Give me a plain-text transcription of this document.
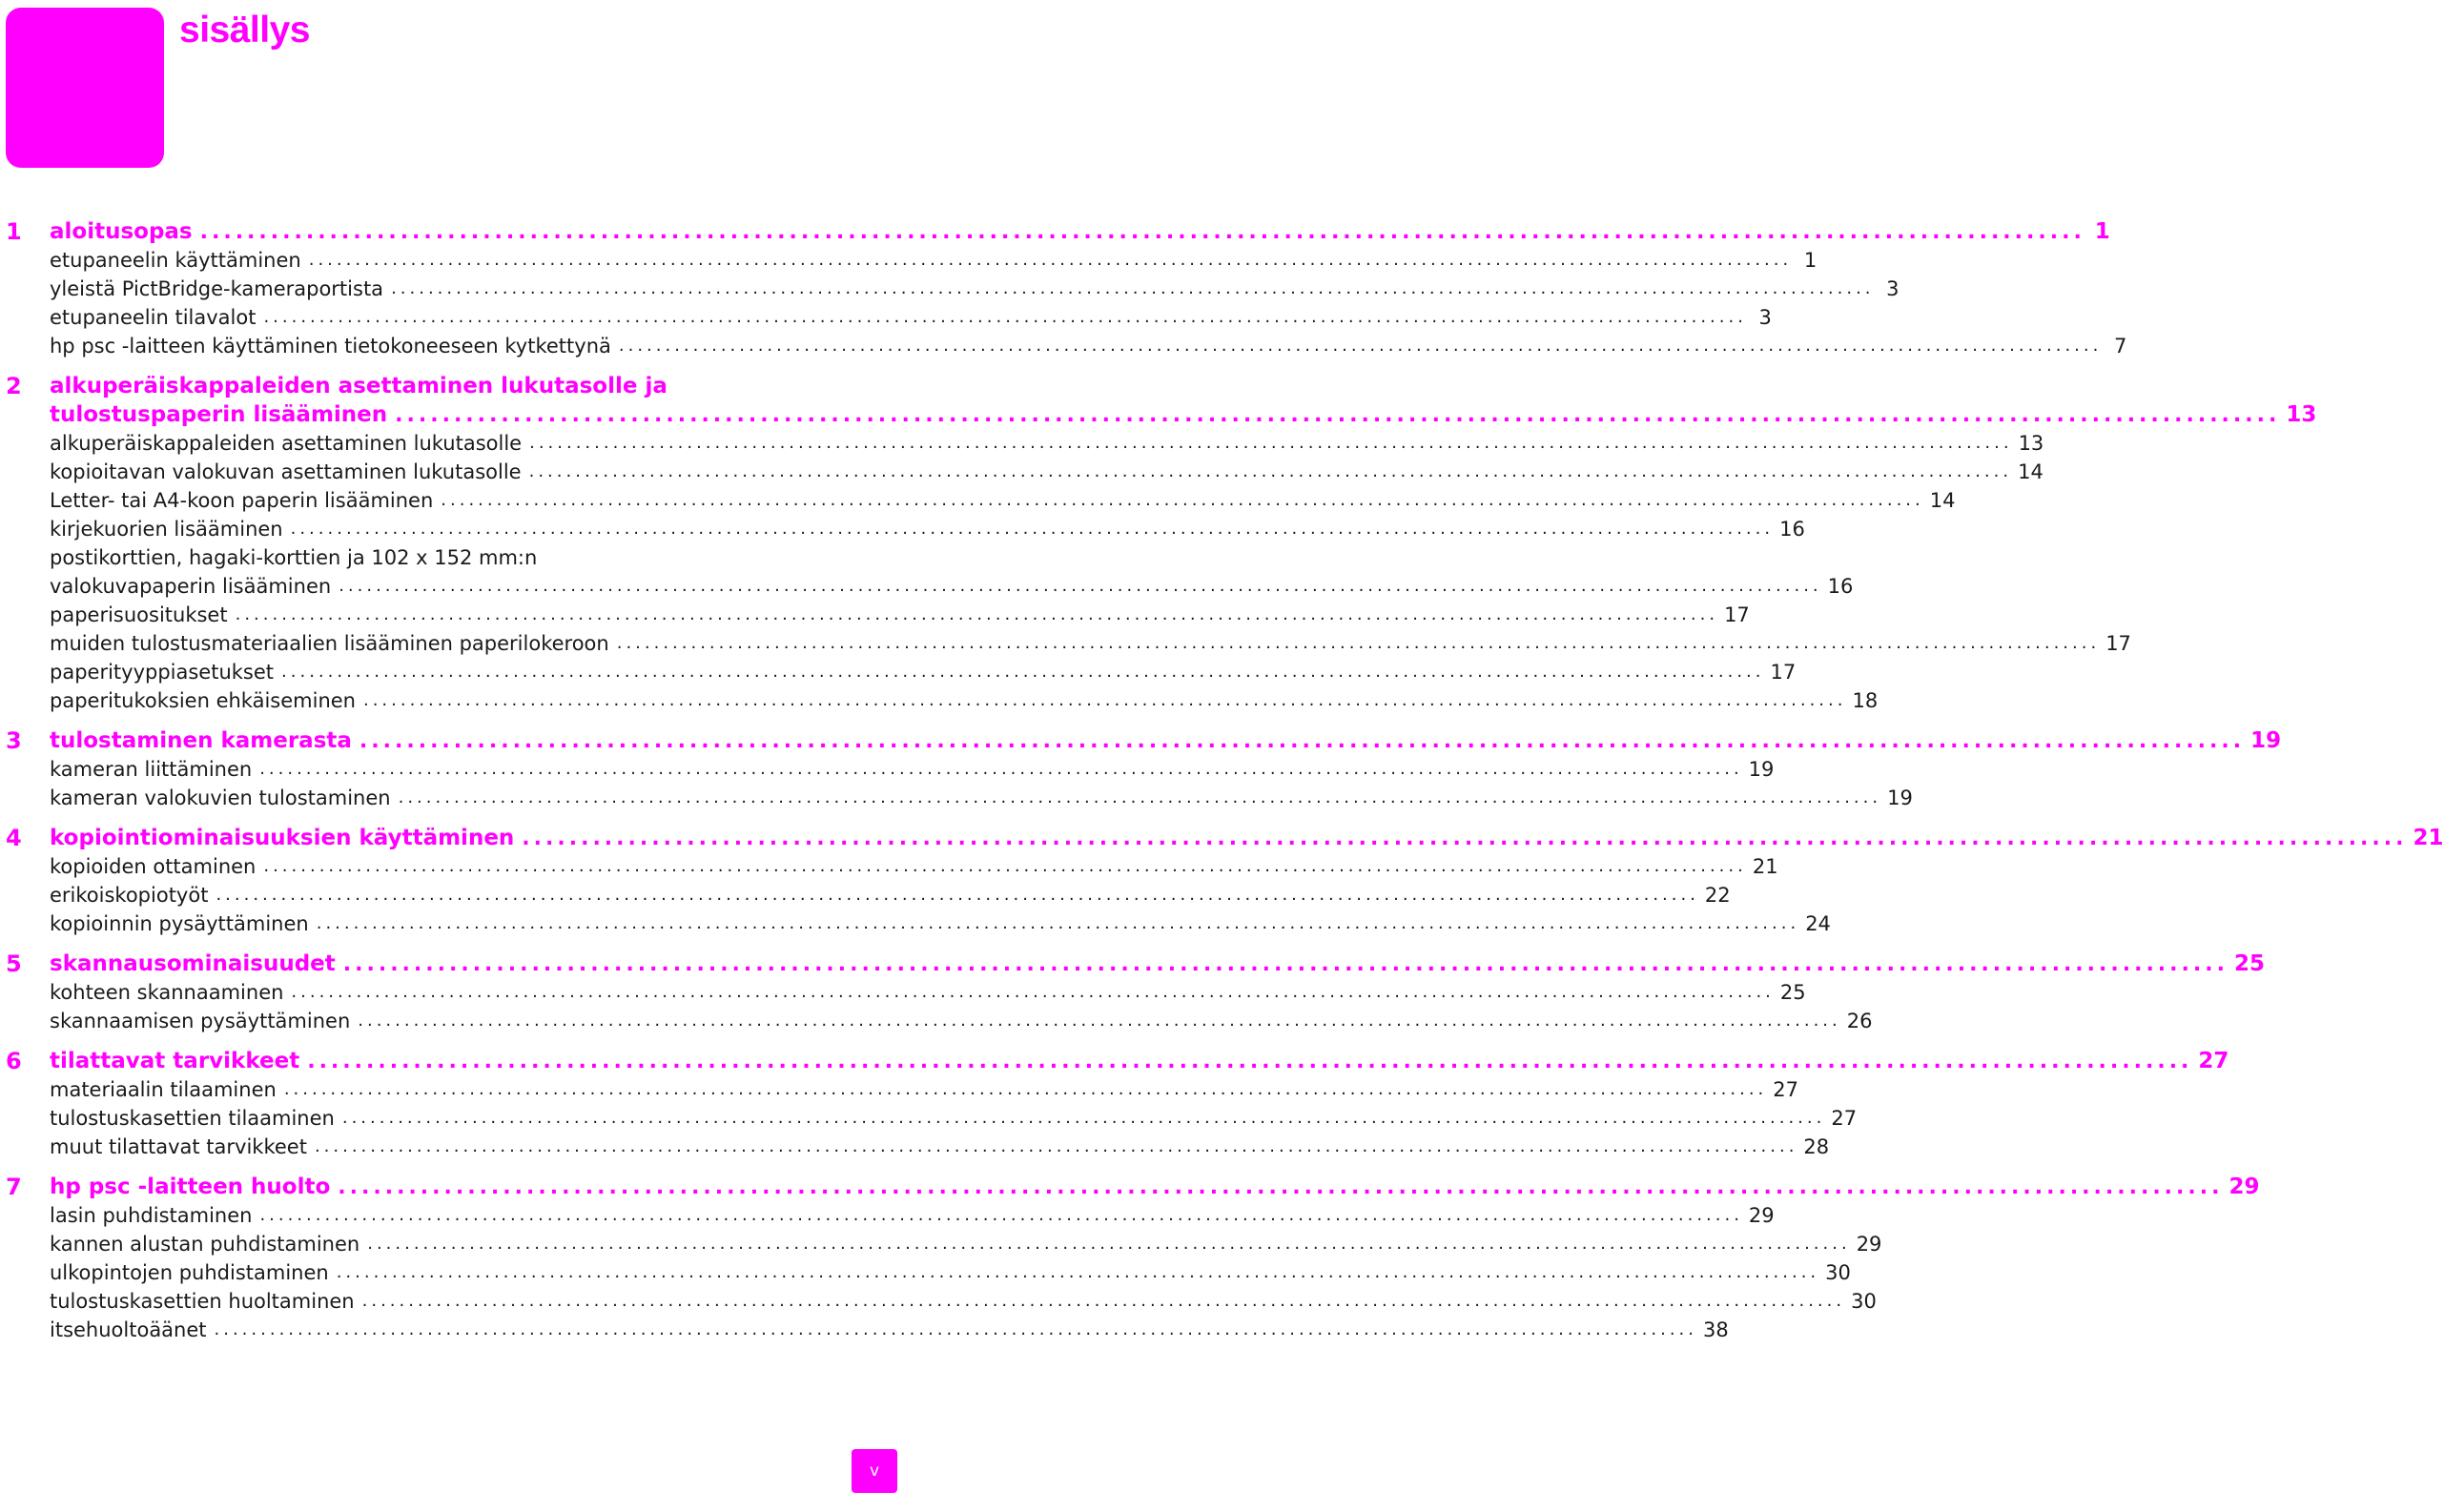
sisällys
1 aloitusopas ................................................................................................................................................................ 1
etupaneelin käyttäminen ................................................................................................................................................................ 1
yleistä PictBridge-kameraportista ................................................................................................................................................................ 3
etupaneelin tilavalot ................................................................................................................................................................ 3
hp psc -laitteen käyttäminen tietokoneeseen kytkettynä ................................................................................................................................................................ 7
2 alkuperäiskappaleiden asettaminen lukutasolle ja
tulostuspaperin lisääminen ................................................................................................................................................................ 13
alkuperäiskappaleiden asettaminen lukutasolle ................................................................................................................................................................ 13
kopioitavan valokuvan asettaminen lukutasolle ................................................................................................................................................................ 14
Letter- tai A4-koon paperin lisääminen ................................................................................................................................................................ 14
kirjekuorien lisääminen ................................................................................................................................................................ 16
postikorttien, hagaki-korttien ja 102 x 152 mm:n
valokuvapaperin lisääminen ................................................................................................................................................................ 16
paperisuositukset ................................................................................................................................................................ 17
muiden tulostusmateriaalien lisääminen paperilokeroon ................................................................................................................................................................ 17
paperityyppiasetukset ................................................................................................................................................................ 17
paperitukoksien ehkäiseminen ................................................................................................................................................................ 18
3 tulostaminen kamerasta ................................................................................................................................................................ 19
kameran liittäminen ................................................................................................................................................................ 19
kameran valokuvien tulostaminen ................................................................................................................................................................ 19
4 kopiointiominaisuuksien käyttäminen ................................................................................................................................................................ 21
kopioiden ottaminen ................................................................................................................................................................ 21
erikoiskopiotyöt ................................................................................................................................................................ 22
kopioinnin pysäyttäminen ................................................................................................................................................................ 24
5 skannausominaisuudet ................................................................................................................................................................ 25
kohteen skannaaminen ................................................................................................................................................................ 25
skannaamisen pysäyttäminen ................................................................................................................................................................ 26
6 tilattavat tarvikkeet ................................................................................................................................................................ 27
materiaalin tilaaminen ................................................................................................................................................................ 27
tulostuskasettien tilaaminen ................................................................................................................................................................ 27
muut tilattavat tarvikkeet ................................................................................................................................................................ 28
7 hp psc -laitteen huolto ................................................................................................................................................................ 29
lasin puhdistaminen ................................................................................................................................................................ 29
kannen alustan puhdistaminen ................................................................................................................................................................ 29
ulkopintojen puhdistaminen ................................................................................................................................................................ 30
tulostuskasettien huoltaminen ................................................................................................................................................................ 30
itsehuoltoäänet ................................................................................................................................................................ 38
v
